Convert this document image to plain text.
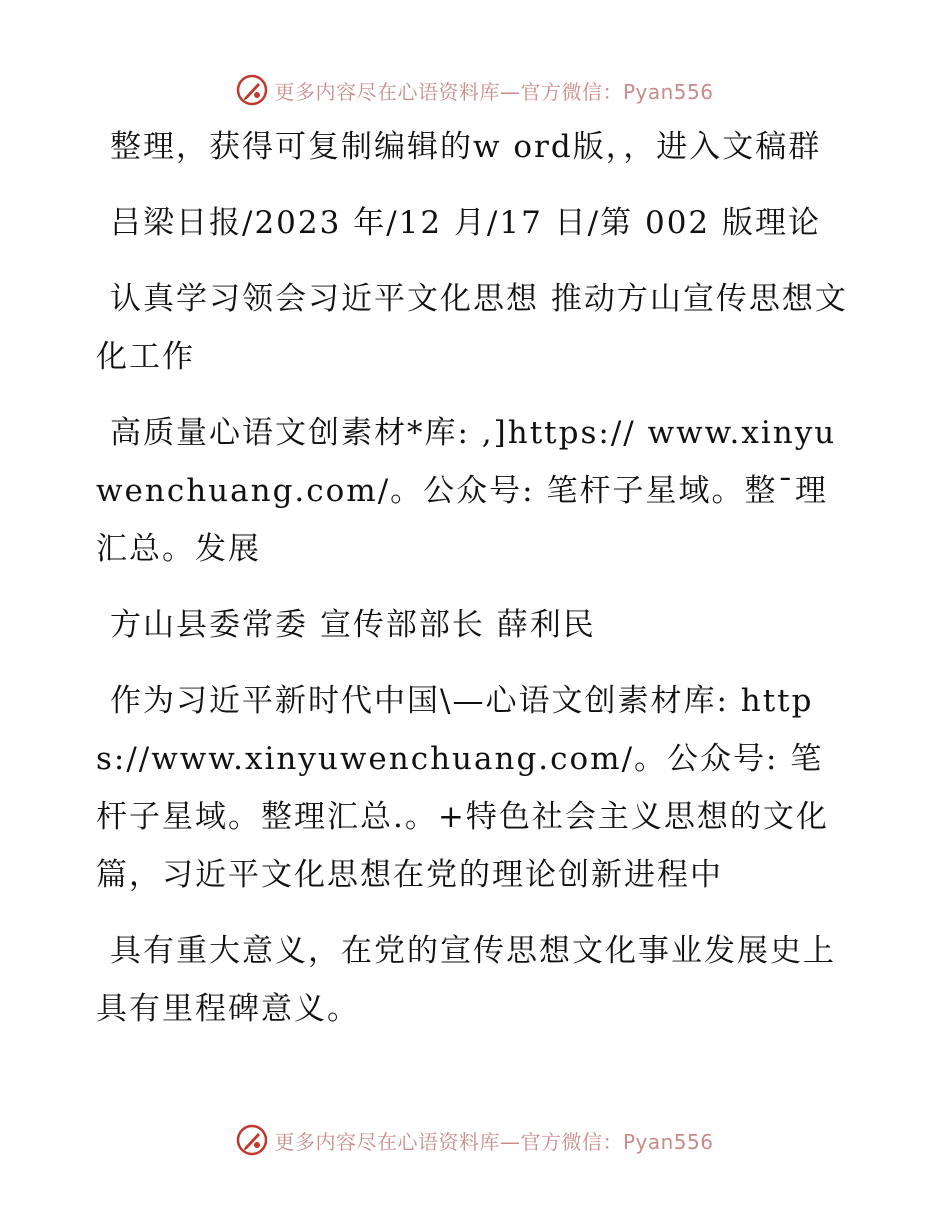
更多内容尽在心语资料库—官方微信：Pyan556

整理，获得可复制编辑的w ord版，，进入文稿群

吕梁日报/2023 年/12 月/17 日/第 002 版理论

认真学习领会习近平文化思想 推动方山宣传思想文化工作

高质量心语文创素材*库: ,]https:// www.xinyuwenchuang.com/。公众号: 笔杆子星域。整¯理汇总。发展

方山县委常委 宣传部部长 薛利民

作为习近平新时代中国\—心语文创素材库: https://www.xinyuwenchuang.com/。公众号: 笔杆子星域。整理汇总.。+特色社会主义思想的文化篇，习近平文化思想在党的理论创新进程中

具有重大意义，在党的宣传思想文化事业发展史上具有里程碑意义。

更多内容尽在心语资料库—官方微信：Pyan556
